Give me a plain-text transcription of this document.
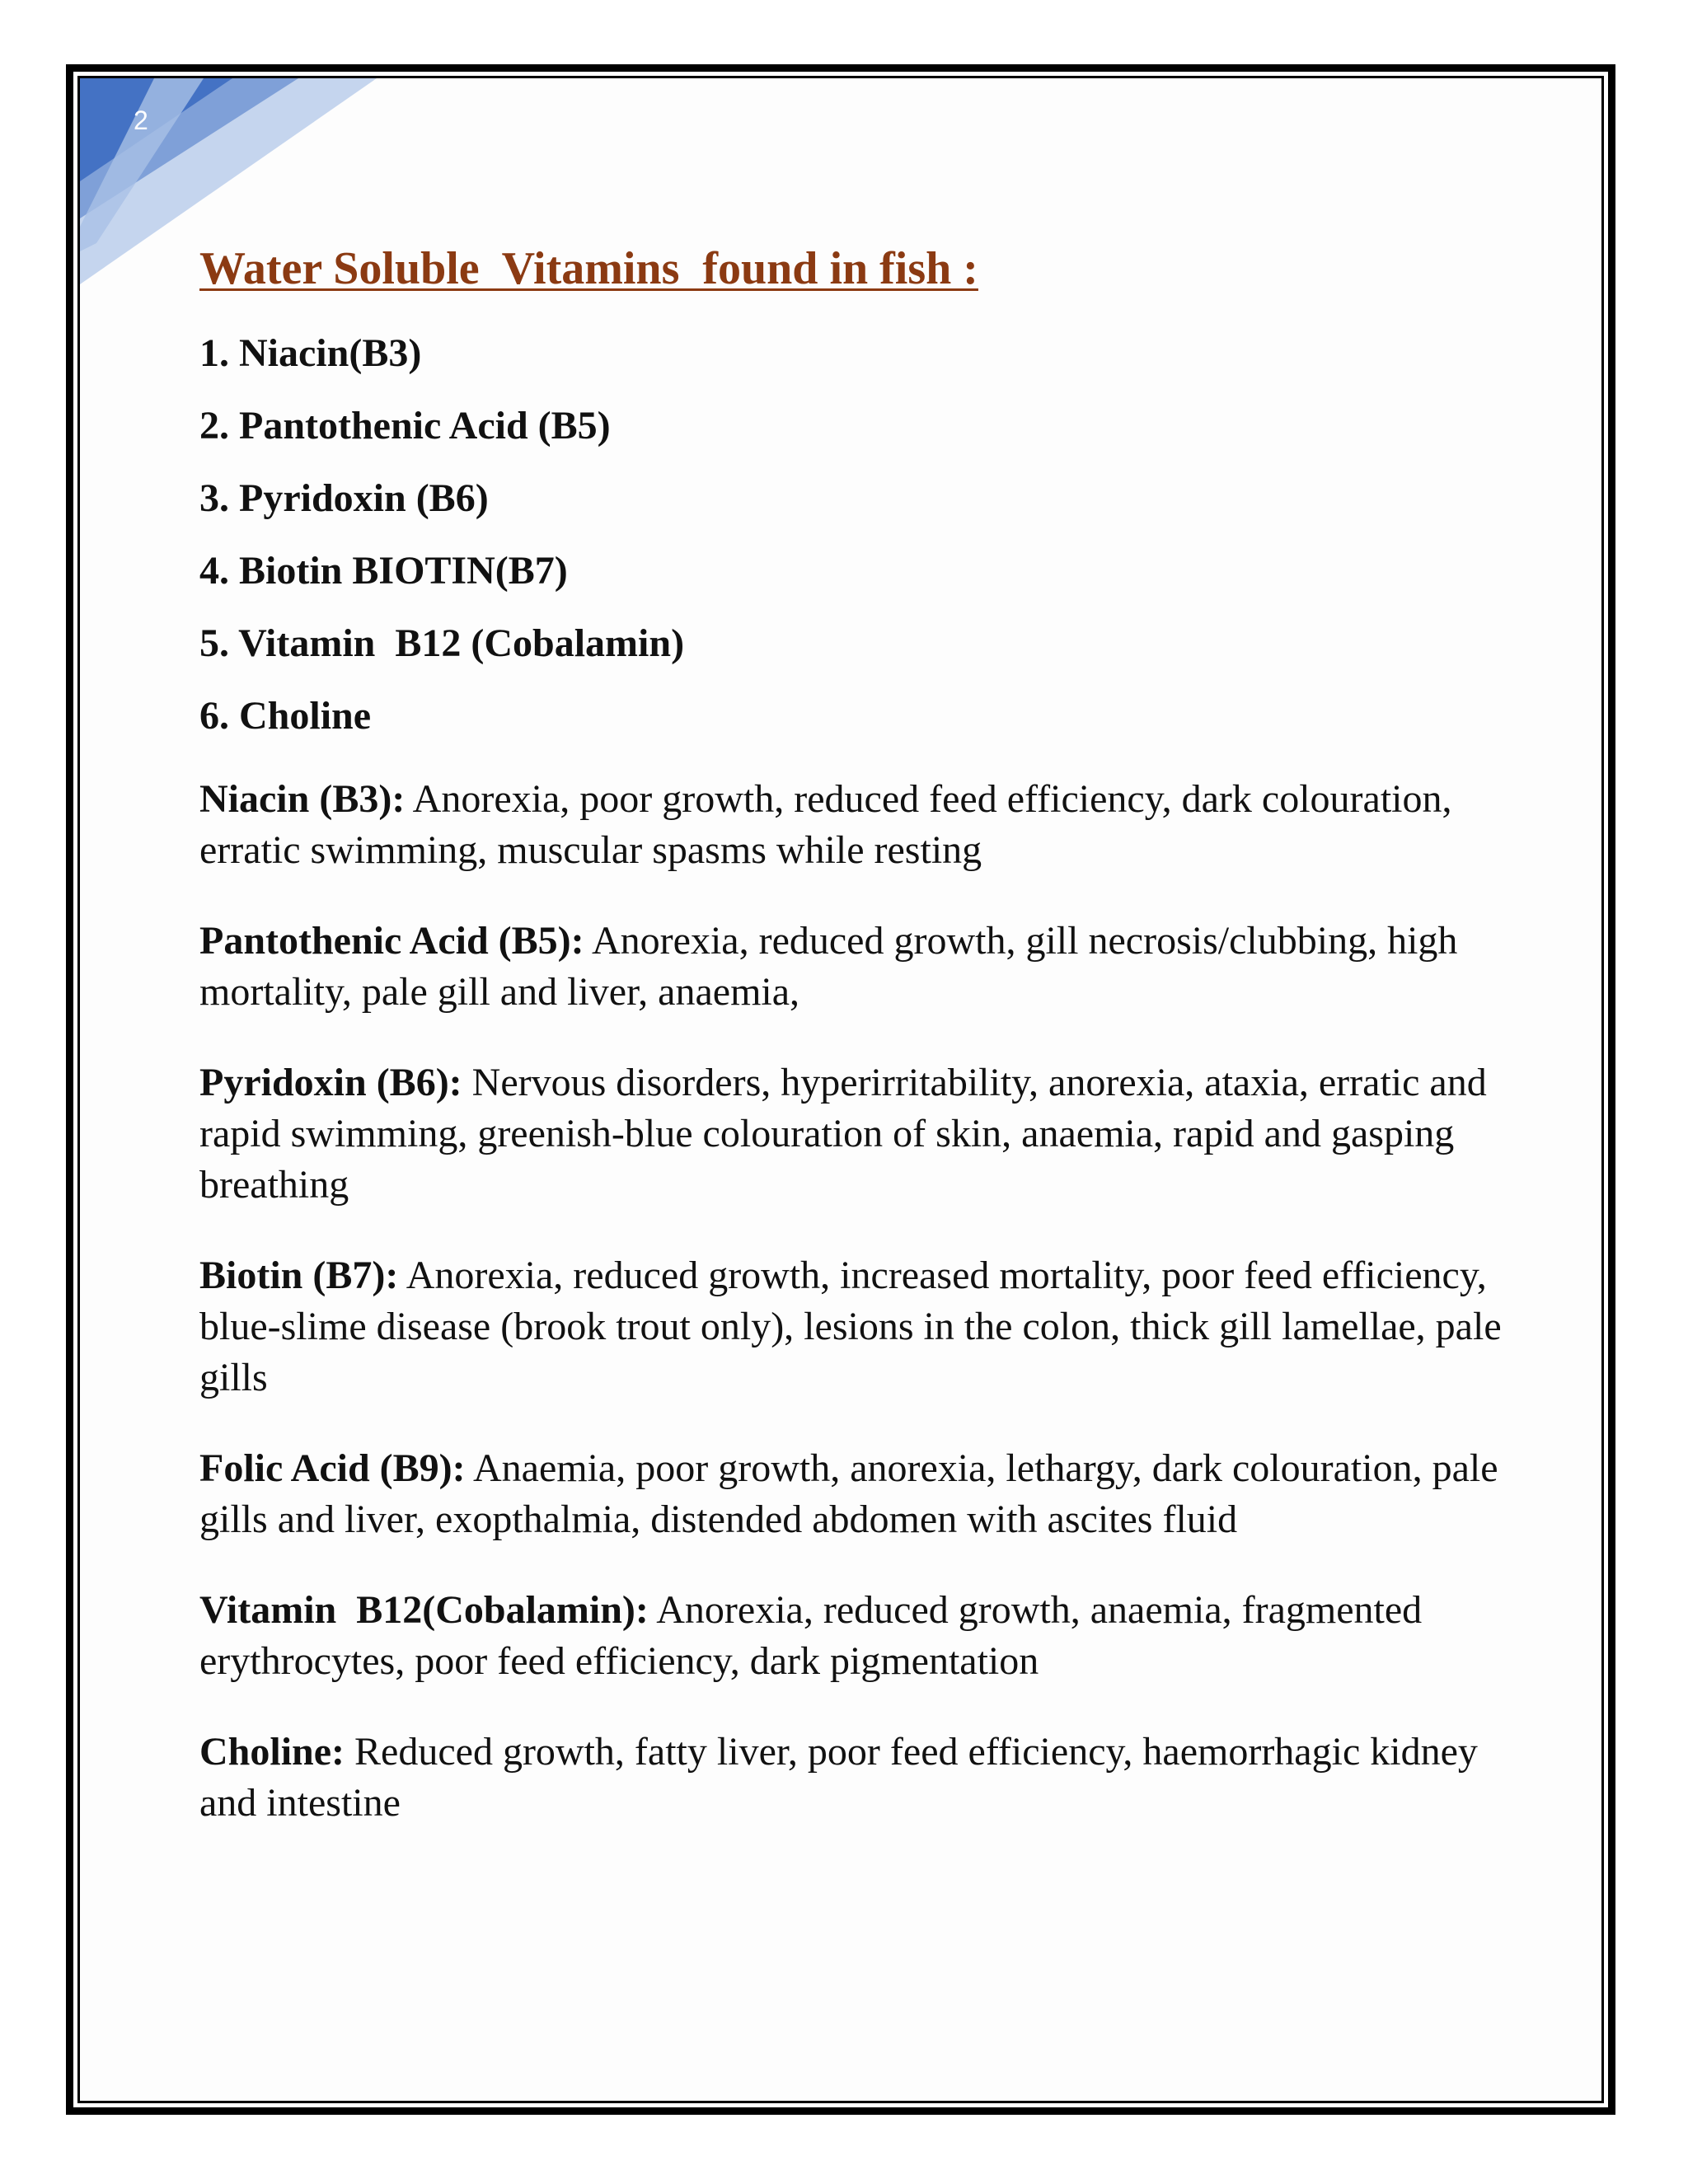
2
Water Soluble  Vitamins  found in fish :
1. Niacin(B3)
2. Pantothenic Acid (B5)
3. Pyridoxin (B6)
4. Biotin BIOTIN(B7)
5. Vitamin  B12 (Cobalamin)
6. Choline

Niacin (B3): Anorexia, poor growth, reduced feed efficiency, dark colouration, erratic swimming, muscular spasms while resting

Pantothenic Acid (B5): Anorexia, reduced growth, gill necrosis/clubbing, high mortality, pale gill and liver, anaemia,

Pyridoxin (B6): Nervous disorders, hyperirritability, anorexia, ataxia, erratic and rapid swimming, greenish-blue colouration of skin, anaemia, rapid and gasping breathing

Biotin (B7): Anorexia, reduced growth, increased mortality, poor feed efficiency, blue-slime disease (brook trout only), lesions in the colon, thick gill lamellae, pale gills

Folic Acid (B9): Anaemia, poor growth, anorexia, lethargy, dark colouration, pale gills and liver, exopthalmia, distended abdomen with ascites fluid

Vitamin  B12(Cobalamin): Anorexia, reduced growth, anaemia, fragmented erythrocytes, poor feed efficiency, dark pigmentation

Choline: Reduced growth, fatty liver, poor feed efficiency, haemorrhagic kidney and intestine
